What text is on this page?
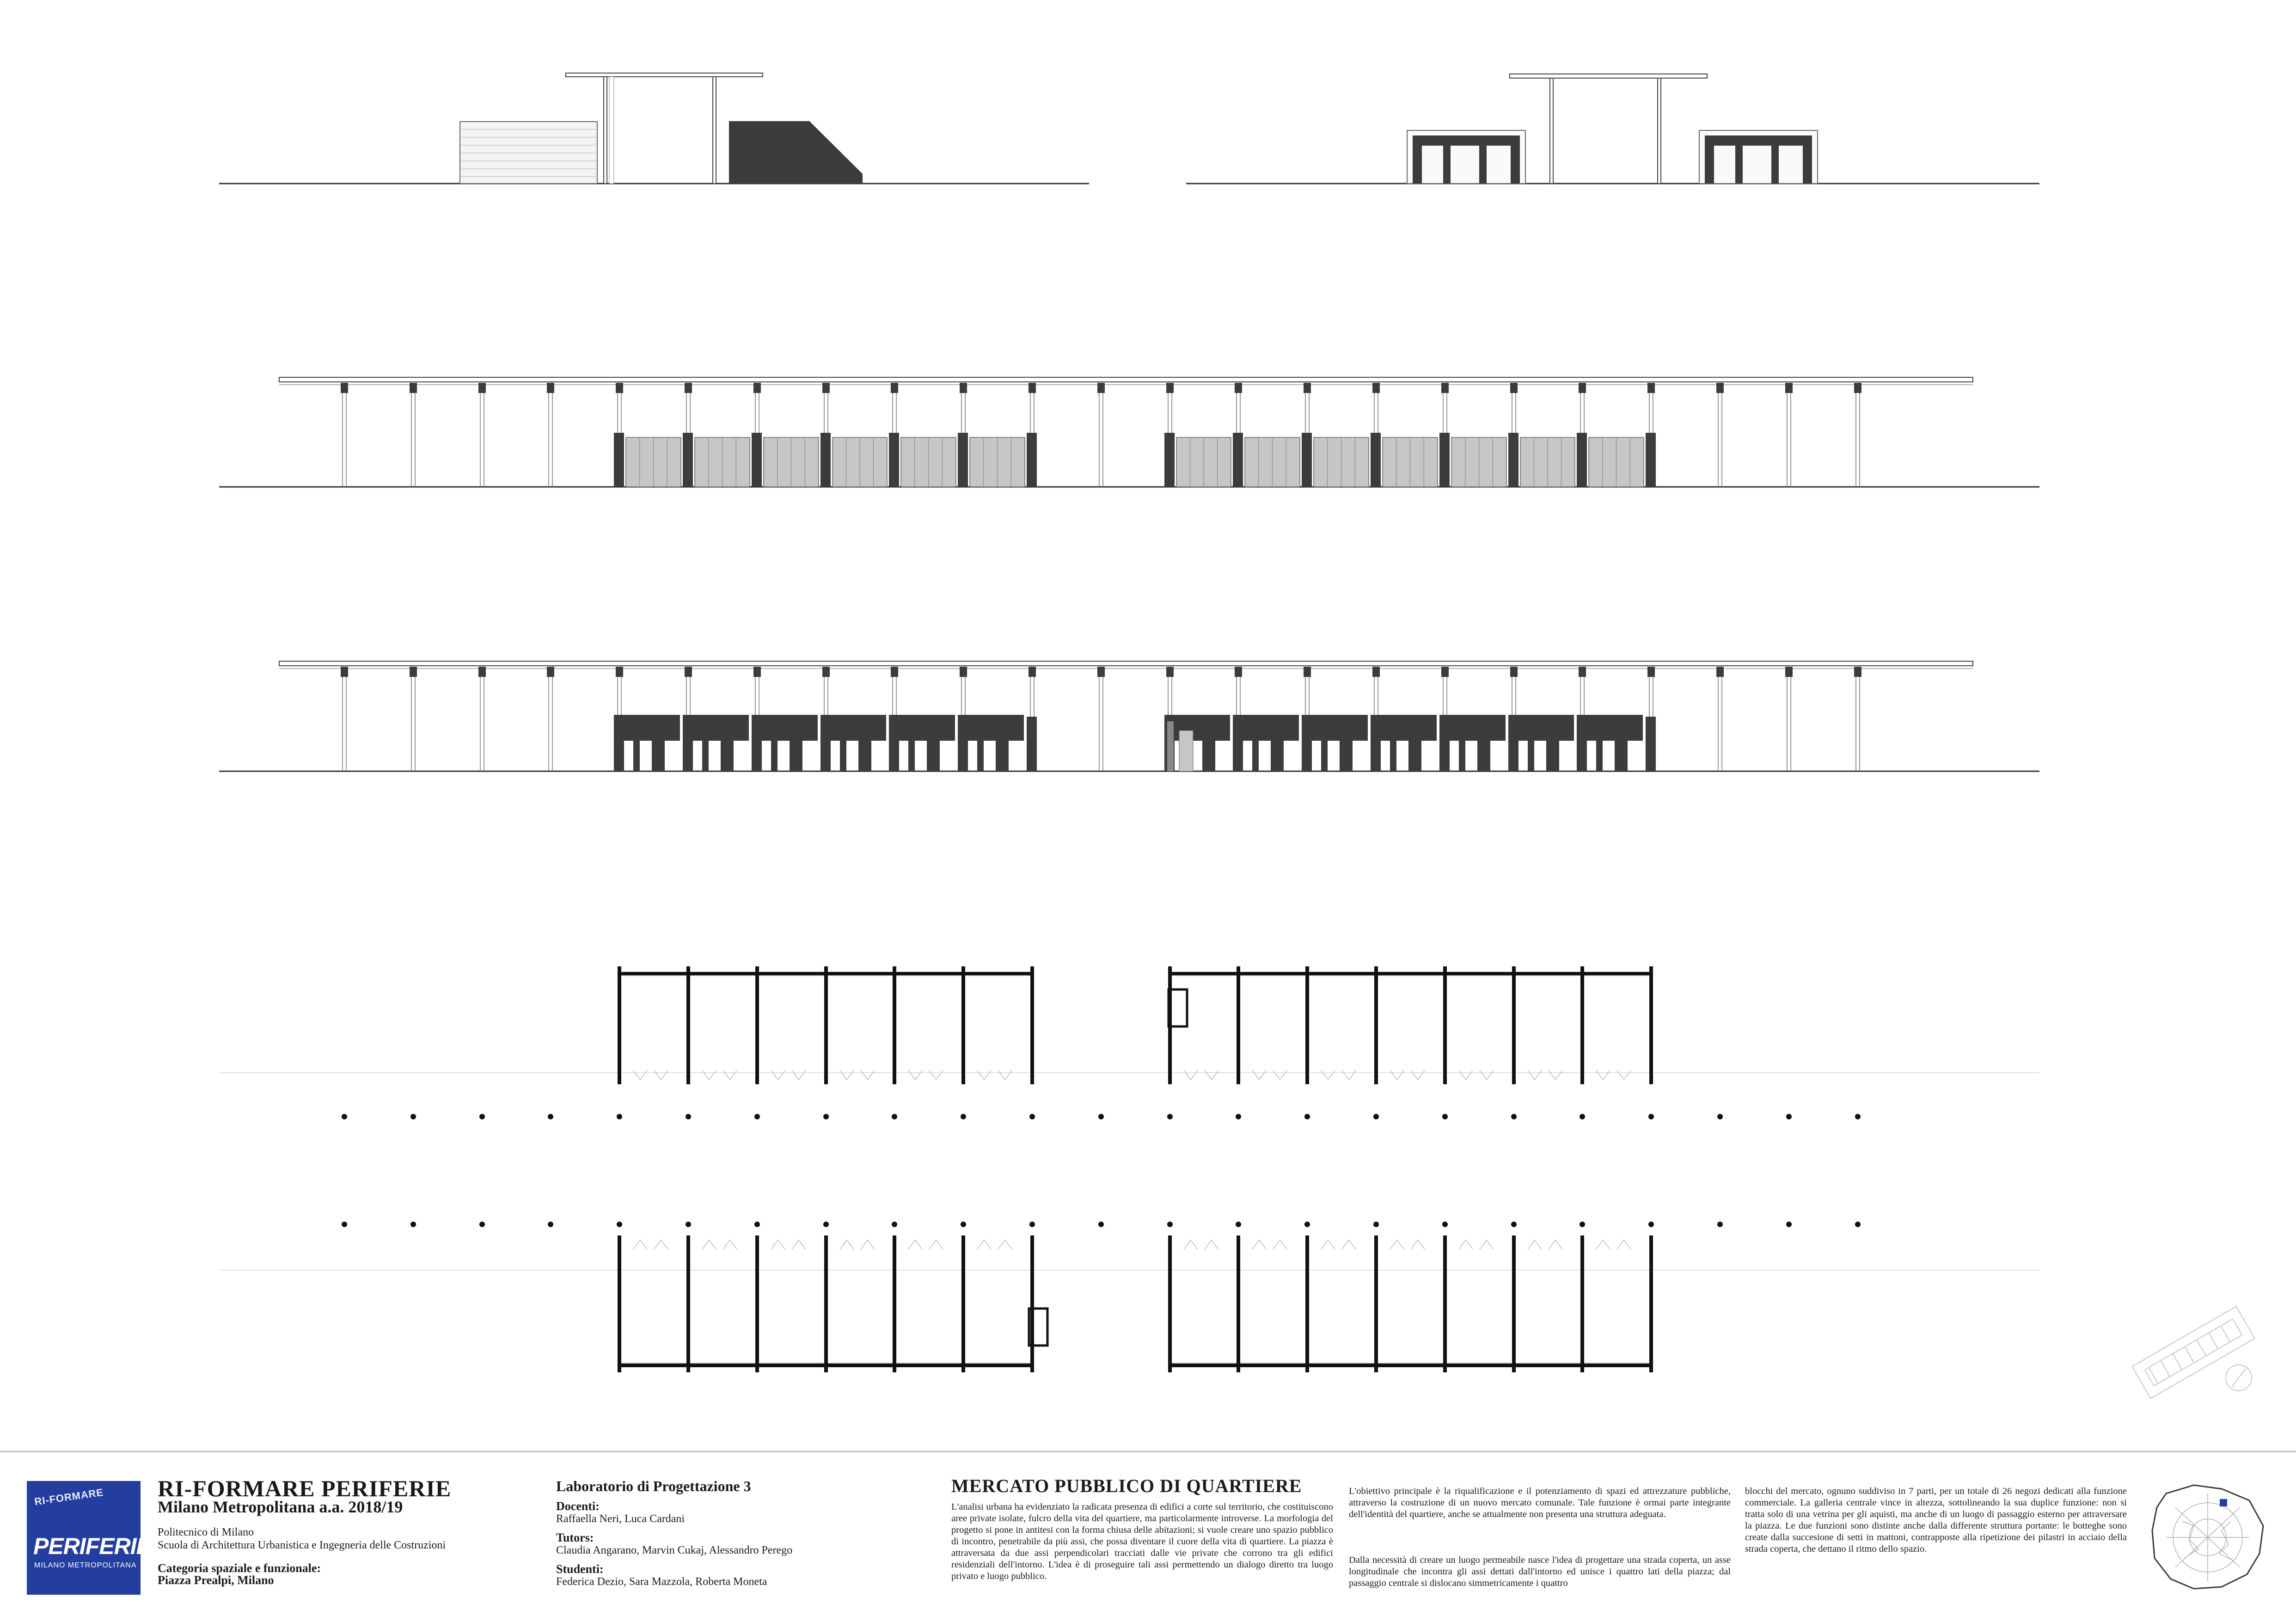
RI-FORMARE
PERIFERIE
MILANO METROPOLITANA
RI-FORMARE PERIFERIE
Milano Metropolitana a.a. 2018/19
Politecnico di Milano
Scuola di Architettura Urbanistica e Ingegneria delle Costruzioni
Categoria spaziale e funzionale:
Piazza Prealpi, Milano
Laboratorio di Progettazione 3
Docenti:
Raffaella Neri, Luca Cardani
Tutors:
Claudia Angarano, Marvin Cukaj, Alessandro Perego
Studenti:
Federica Dezio, Sara Mazzola, Roberta Moneta
MERCATO PUBBLICO DI QUARTIERE
L'analisi urbana ha evidenziato la radicata presenza di edifici a corte sul territorio, che costituiscono aree private isolate, fulcro della vita del quartiere, ma particolarmente introverse. La morfologia del progetto si pone in antitesi con la forma chiusa delle abitazioni; si vuole creare uno spazio pubblico di incontro, penetrabile da più assi, che possa diventare il cuore della vita di quartiere. La piazza è attraversata da due assi perpendicolari tracciati dalle vie private che corrono tra gli edifici residenziali dell'intorno. L'idea è di proseguire tali assi permettendo un dialogo diretto tra luogo privato e luogo pubblico.
L'obiettivo principale è la riqualificazione e il potenziamento di spazi ed attrezzature pubbliche, attraverso la costruzione di un nuovo mercato comunale. Tale funzione è ormai parte integrante dell'identità del quartiere, anche se attualmente non presenta una struttura adeguata.
Dalla necessità di creare un luogo permeabile nasce l'idea di progettare una strada coperta, un asse longitudinale che incontra gli assi dettati dall'intorno ed unisce i quattro lati della piazza; dal passaggio centrale si dislocano simmetricamente i quattro
blocchi del mercato, ognuno suddiviso in 7 parti, per un totale di 26 negozi dedicati alla funzione commerciale. La galleria centrale vince in altezza, sottolineando la sua duplice funzione: non si tratta solo di una vetrina per gli aquisti, ma anche di un luogo di passaggio esterno per attraversare la piazza. Le due funzioni sono distinte anche dalla differente struttura portante: le botteghe sono create dalla succesione di setti in mattoni, contrapposte alla ripetizione dei pilastri in acciaio della strada coperta, che dettano il ritmo dello spazio.
